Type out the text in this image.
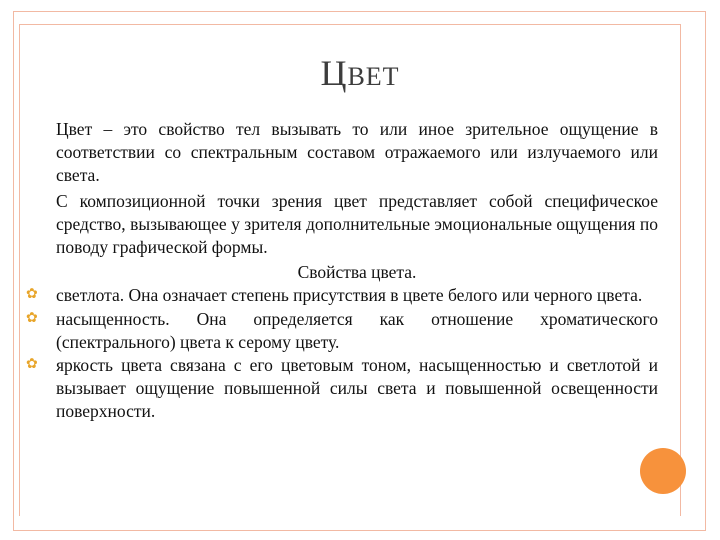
ЦВЕТ

Цвет – это свойство тел вызывать то или иное зрительное ощущение в соответствии со спектральным составом отражаемого или излучаемого или света.

С композиционной точки зрения цвет представляет собой специфическое средство, вызывающее у зрителя дополнительные эмоциональные ощущения по поводу графической формы.

Свойства цвета.

✿ светлота. Она означает степень присутствия в цвете белого или черного цвета.
✿ насыщенность. Она определяется как отношение хроматического (спектрального) цвета к серому цвету.
✿ яркость цвета связана с его цветовым тоном, насыщенностью и светлотой и вызывает ощущение повышенной силы света и повышенной освещенности поверхности.
